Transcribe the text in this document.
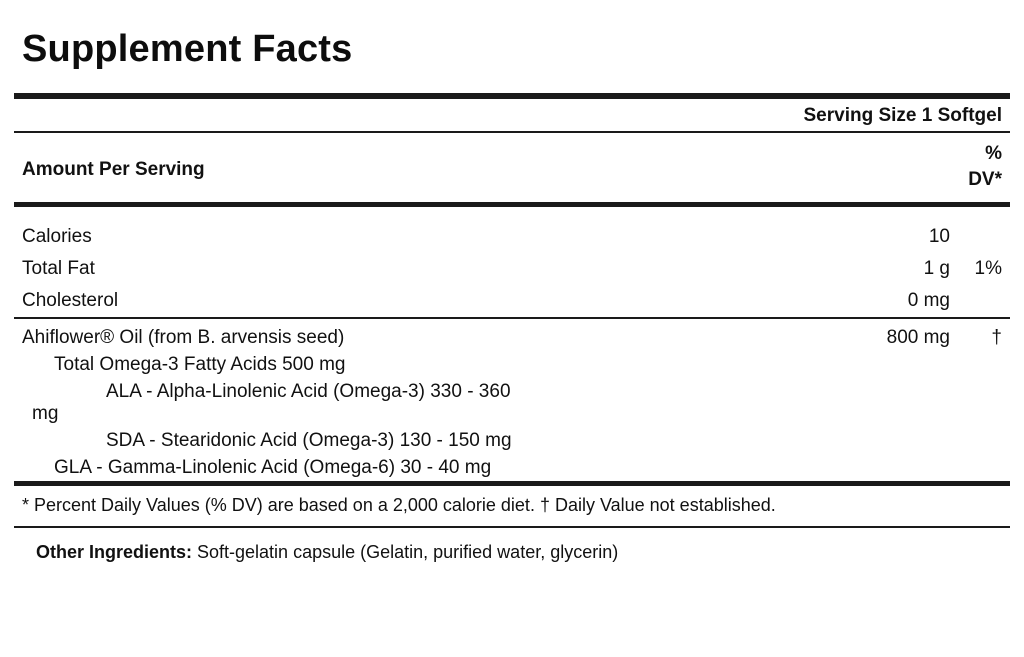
Supplement Facts
Serving Size 1 Softgel
Amount Per Serving
%
DV*
Calories	10
Total Fat	1 g	1%
Cholesterol	0 mg
Ahiflower® Oil (from B. arvensis seed)	800 mg	†
Total Omega-3 Fatty Acids 500 mg
ALA - Alpha-Linolenic Acid (Omega-3) 330 - 360
mg
SDA - Stearidonic Acid (Omega-3) 130 - 150 mg
GLA - Gamma-Linolenic Acid (Omega-6) 30 - 40 mg
* Percent Daily Values (% DV) are based on a 2,000 calorie diet. † Daily Value not established.
Other Ingredients: Soft-gelatin capsule (Gelatin, purified water, glycerin)
